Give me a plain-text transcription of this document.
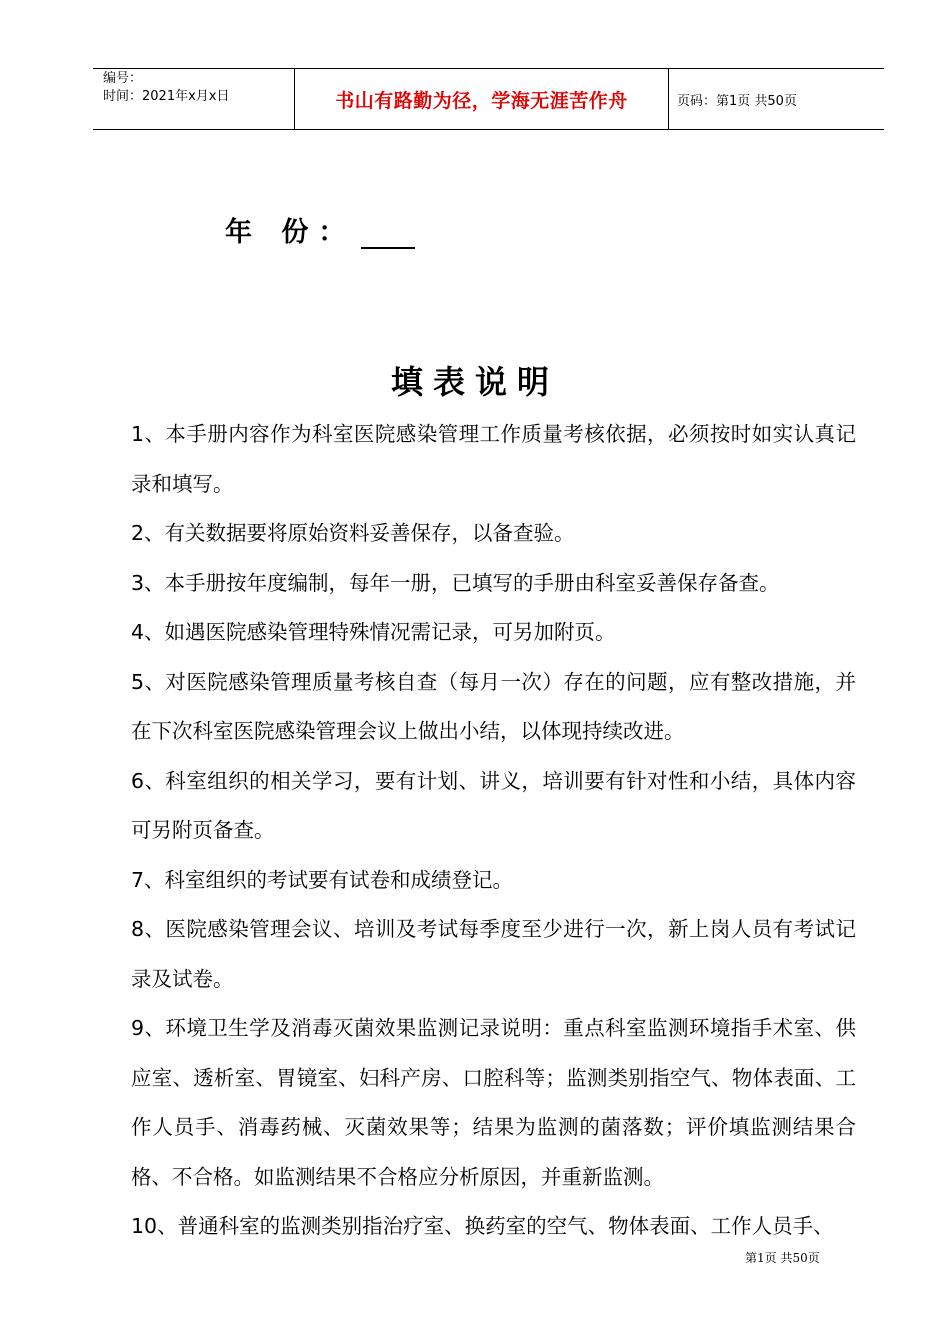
编号：
时间：2021年x月x日	书山有路勤为径，学海无涯苦作舟	页码：第1页 共50页
年 份：
填表说明

1、本手册内容作为科室医院感染管理工作质量考核依据，必须按时如实认真记录和填写。

2、有关数据要将原始资料妥善保存，以备查验。

3、本手册按年度编制，每年一册，已填写的手册由科室妥善保存备查。

4、如遇医院感染管理特殊情况需记录，可另加附页。

5、对医院感染管理质量考核自查（每月一次）存在的问题，应有整改措施，并在下次科室医院感染管理会议上做出小结，以体现持续改进。

6、科室组织的相关学习，要有计划、讲义，培训要有针对性和小结，具体内容可另附页备查。

7、科室组织的考试要有试卷和成绩登记。

8、医院感染管理会议、培训及考试每季度至少进行一次，新上岗人员有考试记录及试卷。

9、环境卫生学及消毒灭菌效果监测记录说明：重点科室监测环境指手术室、供应室、透析室、胃镜室、妇科产房、口腔科等；监测类别指空气、物体表面、工作人员手、消毒药械、灭菌效果等；结果为监测的菌落数；评价填监测结果合格、不合格。如监测结果不合格应分析原因，并重新监测。

10、普通科室的监测类别指治疗室、换药室的空气、物体表面、工作人员手、

第1页 共50页
